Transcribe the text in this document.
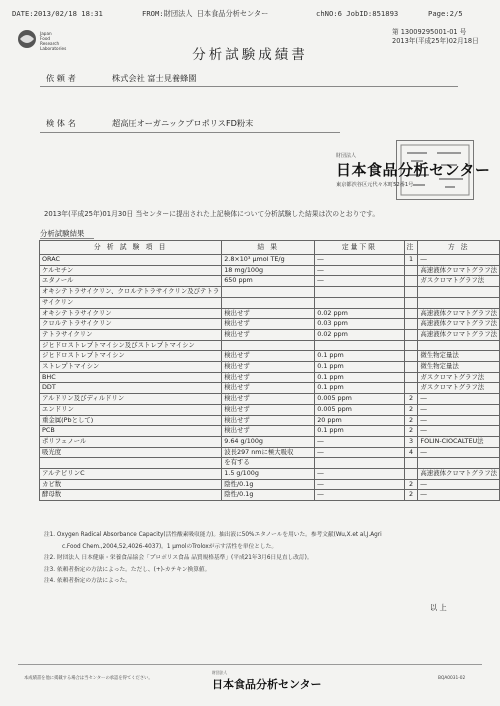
DATE:2013/02/18 18:31	FROM:財団法人 日本食品分析センター	chNO:6 JobID:851893	Page:2/5
Japan
Food
Research
Laboratories
第 13009295001-01 号
2013年(平成25年)02月18日
分析試験成績書
依 頼 者	株式会社 富士見養蜂園
検 体 名	超高圧オーガニックプロポリスFD粉末
財団法人
日本食品分析センター
東京都渋谷区元代々木町52番1号
2013年(平成25年)01月30日 当センターに提出された上記検体について分析試験した結果は次のとおりです。
分析試験結果
分 析 試 験 項 目	結 果	定量下限	注	方 法
ORAC	2.8×10³ μmol TE/g	―	1	―
ケルセチン	18 mg/100g	―		高速液体クロマトグラフ法
エタノール	650 ppm	―		ガスクロマトグラフ法
オキシテトラサイクリン、クロルテトラサイクリン及びテトラ				
サイクリン				
オキシテトラサイクリン	検出せず	0.02 ppm		高速液体クロマトグラフ法
クロルテトラサイクリン	検出せず	0.03 ppm		高速液体クロマトグラフ法
テトラサイクリン	検出せず	0.02 ppm		高速液体クロマトグラフ法
ジヒドロストレプトマイシン及びストレプトマイシン				
ジヒドロストレプトマイシン	検出せず	0.1 ppm		微生物定量法
ストレプトマイシン	検出せず	0.1 ppm		微生物定量法
BHC	検出せず	0.1 ppm		ガスクロマトグラフ法
DDT	検出せず	0.1 ppm		ガスクロマトグラフ法
アルドリン及びディルドリン	検出せず	0.005 ppm	2	―
エンドリン	検出せず	0.005 ppm	2	―
重金属(Pbとして)	検出せず	20 ppm	2	―
PCB	検出せず	0.1 ppm	2	―
ポリフェノール	9.64 g/100g	―	3	FOLIN-CIOCALTEU法
吸光度	波長297 nmに極大吸収	―	4	―
	を有する			
アルテピリンC	1.5 g/100g	―		高速液体クロマトグラフ法
カビ数	陰性/0.1g	―	2	―
酵母数	陰性/0.1g	―	2	―
注1. Oxygen Radical Absorbance Capacity(活性酸素吸収能力)。抽出液に50%エタノールを用いた。参考文献(Wu,X.et al,J.Agri
c.Food Chem.,2004,52,4026-4037)。1 μmolのTroloxが示す活性を単位とした。
注2. 財団法人 日本健康・栄養食品協会「プロポリス食品 品質規格基準」(平成21年3月6日見直し改訂)。
注3. 依頼者指定の方法によった。ただし、(+)-カテキン換算値。
注4. 依頼者指定の方法によった。
以 上
本成績書を他に掲載する場合は当センターの承認を得てください。
財団法人
日本食品分析センター	BQA0031-02
